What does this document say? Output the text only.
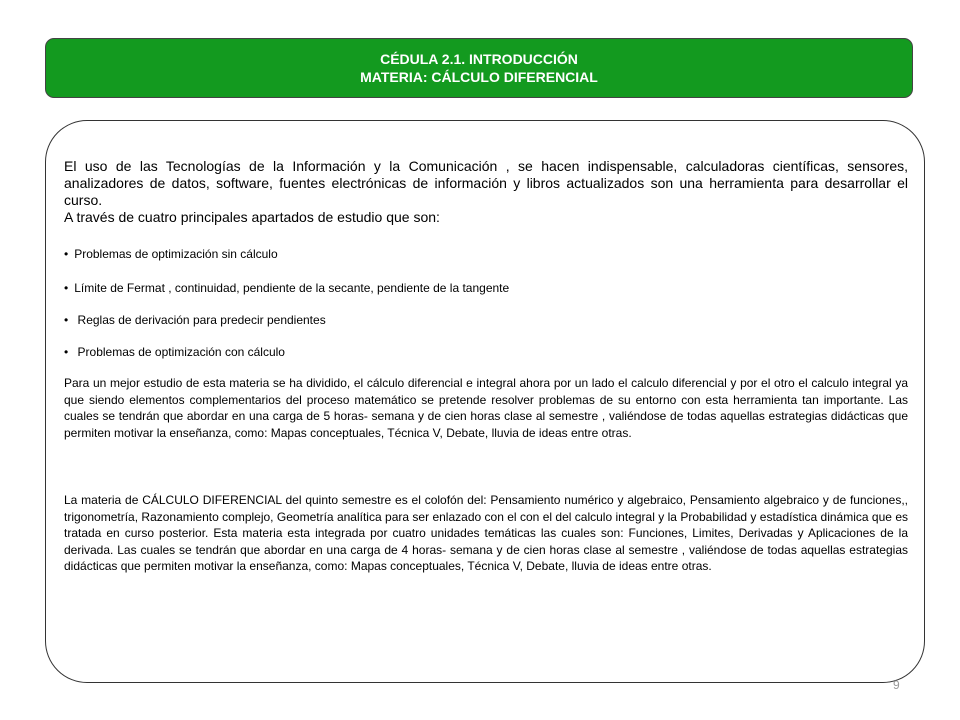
CÉDULA 2.1. INTRODUCCIÓN
MATERIA: CÁLCULO DIFERENCIAL

El uso de las Tecnologías de la Información y la Comunicación , se hacen indispensable, calculadoras científicas, sensores, analizadores de datos, software, fuentes electrónicas de información y libros actualizados son una herramienta para desarrollar el curso.

A través de cuatro principales apartados de estudio que son:

• Problemas de optimización sin cálculo
• Límite de Fermat , continuidad, pendiente de la secante, pendiente de la tangente
• Reglas de derivación para predecir pendientes
• Problemas de optimización con cálculo

Para un mejor estudio de esta materia se ha dividido, el cálculo diferencial e integral ahora por un lado el calculo diferencial y por el otro el calculo integral ya que siendo elementos complementarios del proceso matemático se pretende resolver problemas de su entorno con esta herramienta tan importante. Las cuales se tendrán que abordar en una carga de 5 horas- semana y de cien horas clase al semestre , valiéndose de todas aquellas estrategias didácticas que permiten motivar la enseñanza, como: Mapas conceptuales, Técnica V, Debate, lluvia de ideas entre otras.

La materia de CÁLCULO DIFERENCIAL del quinto semestre es el colofón del: Pensamiento numérico y algebraico, Pensamiento algebraico y de funciones,, trigonometría, Razonamiento complejo, Geometría analítica para ser enlazado con el con el del calculo integral y la Probabilidad y estadística dinámica que es tratada en curso posterior. Esta materia esta integrada por cuatro unidades temáticas las cuales son: Funciones, Limites, Derivadas y Aplicaciones de la derivada. Las cuales se tendrán que abordar en una carga de 4 horas- semana y de cien horas clase al semestre , valiéndose de todas aquellas estrategias didácticas que permiten motivar la enseñanza, como: Mapas conceptuales, Técnica V, Debate, lluvia de ideas entre otras.

9
